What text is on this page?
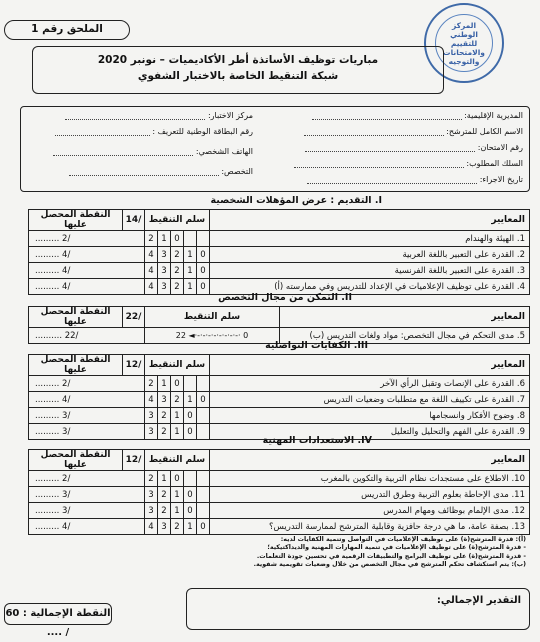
الملحق رقم 1	المركز
الوطني للتقييم
والامتحانات
والتوجيه
مباريات توظيف الأساتذة أطر الأكاديميات – نونبر 2020
شبكة التنقيط الخاصة بالاختبار الشفوي
المديرية الإقليمية:
الاسم الكامل للمترشح:
رقم الامتحان:
السلك المطلوب:
تاريخ الاجراء:
مركز الاختبار:
رقم البطاقة الوطنية للتعريف :
الهاتف الشخصي:
التخصص:
I. التقديم : عرض المؤهلات الشخصية
النقطة المحصل عليها	14/	سلم التنقيط					المعايير
......... 2/		2	1	0			1. الهيئة والهندام
......... 4/		4	3	2	1	0	2. القدرة على التعبير باللغة العربية
......... 4/		4	3	2	1	0	3. القدرة على التعبير باللغة الفرنسية
......... 4/		4	3	2	1	0	4. القدرة على توظيف الإعلاميات في الإعداد للتدريس وفي ممارسته (أ)
II. التمكن من مجال التخصص
النقطة المحصل عليها	22/	سلم التنقيط	المعايير
.......... 22/		22 ◄·-·-·-·-·-·-·-·-· 0	5. مدى التحكم في مجال التخصص: مواد ولغات التدريس (ب)
III. الكفايات التواصلية
النقطة المحصل عليها	12/	سلم التنقيط					المعايير
......... 2/		2	1	0			6. القدرة على الإنصات وتقبل الرأي الآخر
......... 4/		4	3	2	1	0	7. القدرة على تكييف اللغة مع متطلبات وضعيات التدريس
......... 3/		3	2	1	0		8. وضوح الأفكار وانسجامها
......... 3/		3	2	1	0		9. القدرة على الفهم والتحليل والتعليل
IV. الاستعدادات المهنية
النقطة المحصل عليها	12/	سلم التنقيط					المعايير
......... 2/		2	1	0			10. الاطلاع على مستجدات نظام التربية والتكوين بالمغرب
......... 3/		3	2	1	0		11. مدى الإحاطة بعلوم التربية وطرق التدريس
......... 3/		3	2	1	0		12. مدى الإلمام بوظائف ومهام المدرس
......... 4/		4	3	2	1	0	13. بصفة عامة، ما هي درجة حافزية وقابلية المترشح لممارسة التدريس؟
(أ): قدرة المترشح(ة) على توظيف الإعلاميات في التواصل وتنمية الكفايات لديه:
- قدرة المترشح(ة) على توظيف الإعلاميات في تنمية المهارات المهنية والديداكتيكية؛
- قدرة المترشح(ة) على توظيف البرامج والتطبيقات الرقمية في تحسين جودة التعلمات.
(ب): يتم استكشاف تحكم المترشح في مجال التخصص من خلال وضعيات تقويمية شفوية.
التقدير الإجمالي:
النقطة الإجمالية : 60 / ....
